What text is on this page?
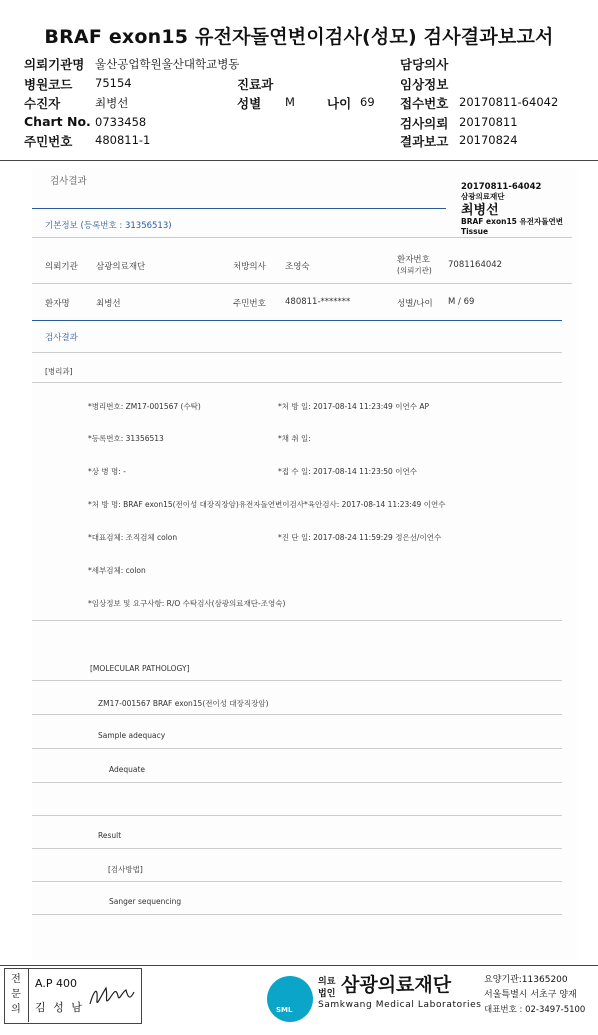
BRAF exon15 유전자돌연변이검사(성모) 검사결과보고서
의뢰기관명 울산공업학원울산대학교병동	담당의사
병원코드 75154	진료과	임상정보
수진자	최병선	성별 M	나이 69 접수번호 20170811-64042
Chart No. 0733458	검사의뢰 20170811
주민번호 480811-1	결과보고 20170824
검사결과	20170811-64042
삼광의료재단
최병선
BRAF exon15 유전자돌연변
Tissue
기본정보 (등록번호 : 31356513)
의뢰기관 삼광의료재단	처방의사 조영숙
환자번호
(의뢰기관)
7081164042
환자명	최병선	주민번호 480811-*******	성별/나이 M / 69
검사결과
[병리과]
*병리번호: ZM17-001567 (수탁)	*처 방 일: 2017-08-14 11:23:49 이연수 AP
*등록번호: 31356513	*채 취 일:
*상 병 명: -	*접 수 일: 2017-08-14 11:23:50 이연수
*처 방 명: BRAF exon15(전이성 대장직장암)유전자돌연변이검사*육안검사: 2017-08-14 11:23:49 이연수
*대표검체: 조직검체 colon	*진 단 일: 2017-08-24 11:59:29 정은선/이연수
*세부검체: colon
*임상정보 및 요구사항: R/O 수탁검사(삼광의료재단-조영숙)
[MOLECULAR PATHOLOGY]
ZM17-001567 BRAF exon15(전이성 대장직장암)
Sample adequacy
Adequate
Result
[검사방법]
Sanger sequencing
전문의
A.P 400
김 성 남	SML
의료
법인 삼광의료재단
Samkwang Medical Laboratories
요양기관:11365200
서울특별시 서초구 양재
대표번호 : 02-3497-5100
